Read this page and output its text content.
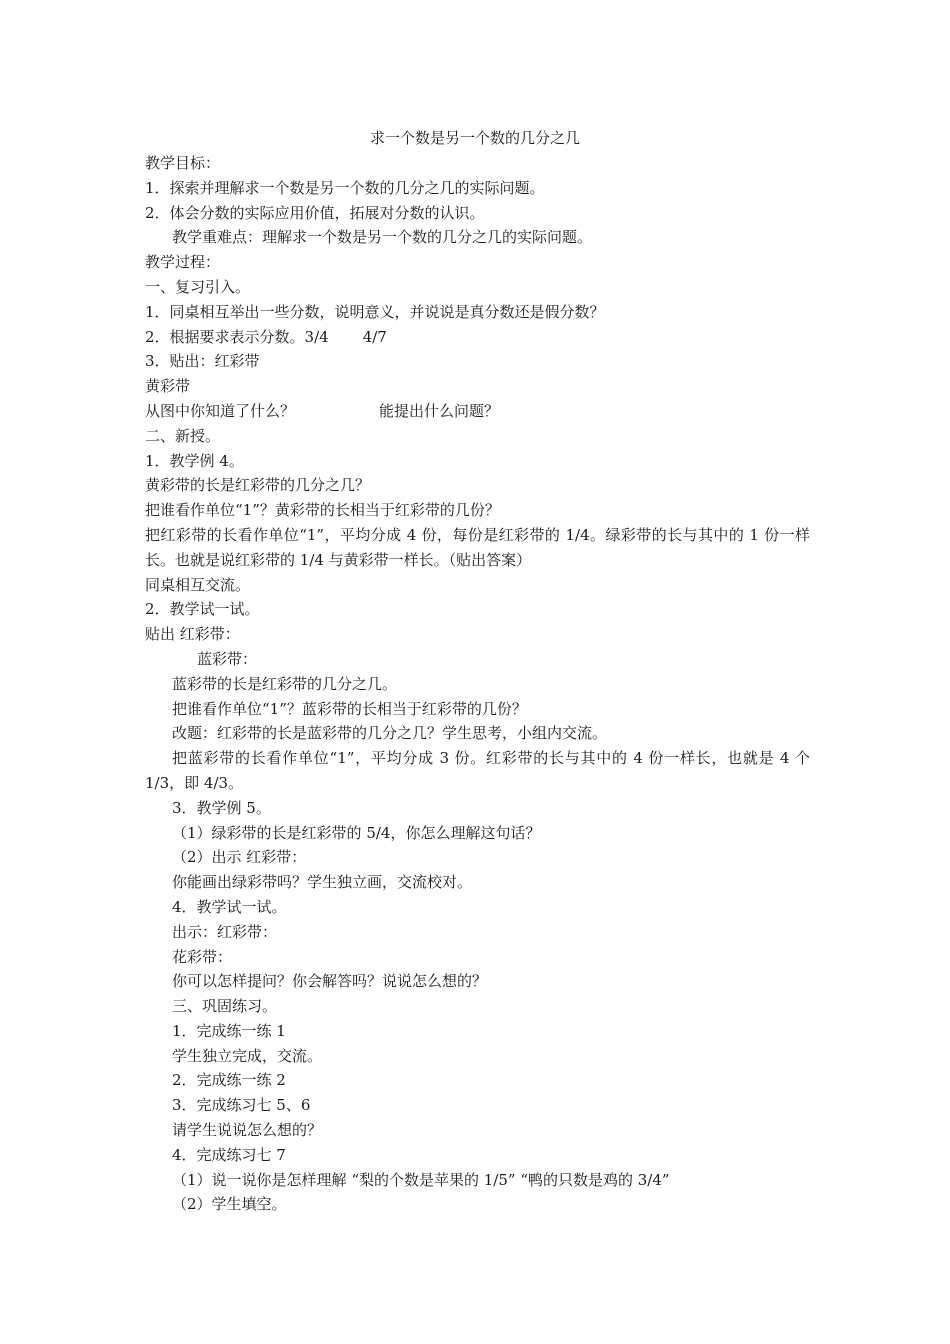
求一个数是另一个数的几分之几
教学目标：
1．探索并理解求一个数是另一个数的几分之几的实际问题。
2．体会分数的实际应用价值，拓展对分数的认识。
教学重难点：理解求一个数是另一个数的几分之几的实际问题。
教学过程：
一、复习引入。
1．同桌相互举出一些分数，说明意义，并说说是真分数还是假分数？
2．根据要求表示分数。3/4 4/7
3．贴出：红彩带
黄彩带
从图中你知道了什么？	能提出什么问题？
二、新授。
1．教学例 4。
黄彩带的长是红彩带的几分之几？
把谁看作单位“1”？黄彩带的长相当于红彩带的几份？
把红彩带的长看作单位“1”，平均分成 4 份，每份是红彩带的 1/4。绿彩带的长与其中的 1 份一样长。也就是说红彩带的 1/4 与黄彩带一样长。（贴出答案）
同桌相互交流。
2．教学试一试。
贴出 红彩带：
蓝彩带：
蓝彩带的长是红彩带的几分之几。
把谁看作单位“1”？蓝彩带的长相当于红彩带的几份？
改题：红彩带的长是蓝彩带的几分之几？学生思考，小组内交流。
把蓝彩带的长看作单位“1”，平均分成 3 份。红彩带的长与其中的 4 份一样长，也就是 4 个 1/3，即 4/3。
3．教学例 5。
（1）绿彩带的长是红彩带的 5/4，你怎么理解这句话？
（2）出示 红彩带：
你能画出绿彩带吗？学生独立画，交流校对。
4．教学试一试。
出示：红彩带：
花彩带：
你可以怎样提问？你会解答吗？说说怎么想的？
三、巩固练习。
1．完成练一练 1
学生独立完成，交流。
2．完成练一练 2
3．完成练习七 5、6
请学生说说怎么想的？
4．完成练习七 7
（1）说一说你是怎样理解 “梨的个数是苹果的 1/5” “鸭的只数是鸡的 3/4”
（2）学生填空。
